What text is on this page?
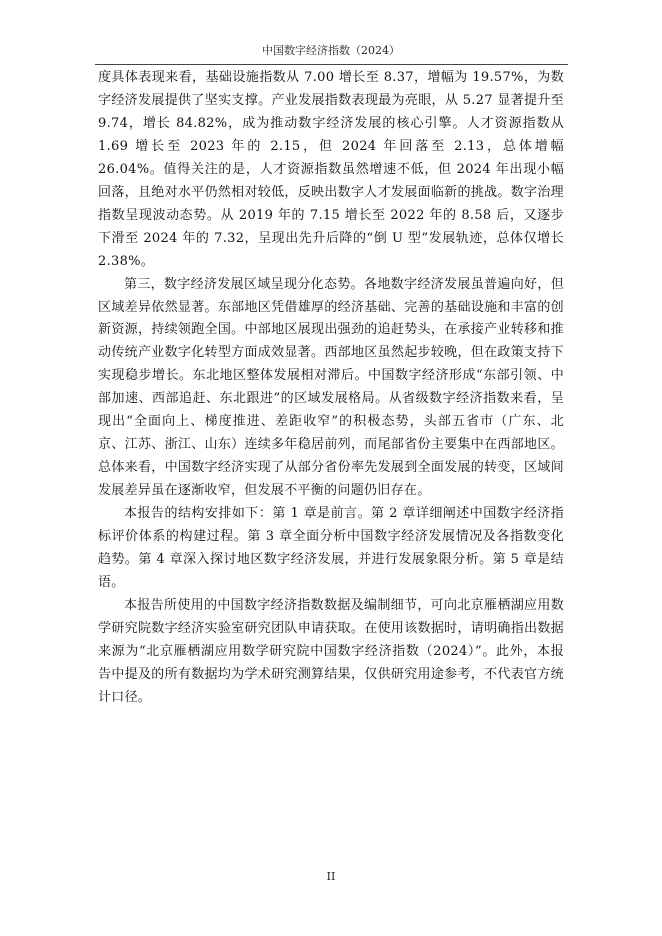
中国数字经济指数（2024）

度具体表现来看，基础设施指数从 7.00 增长至 8.37，增幅为 19.57%，为数字经济发展提供了坚实支撑。产业发展指数表现最为亮眼，从 5.27 显著提升至 9.74，增长 84.82%，成为推动数字经济发展的核心引擎。人才资源指数从 1.69 增长至 2023 年的 2.15，但 2024 年回落至 2.13，总体增幅 26.04%。值得关注的是，人才资源指数虽然增速不低，但 2024 年出现小幅回落，且绝对水平仍然相对较低，反映出数字人才发展面临新的挑战。数字治理指数呈现波动态势。从 2019 年的 7.15 增长至 2022 年的 8.58 后，又逐步下滑至 2024 年的 7.32，呈现出先升后降的“倒 U 型”发展轨迹，总体仅增长 2.38%。

第三，数字经济发展区域呈现分化态势。各地数字经济发展虽普遍向好，但区域差异依然显著。东部地区凭借雄厚的经济基础、完善的基础设施和丰富的创新资源，持续领跑全国。中部地区展现出强劲的追赶势头，在承接产业转移和推动传统产业数字化转型方面成效显著。西部地区虽然起步较晚，但在政策支持下实现稳步增长。东北地区整体发展相对滞后。中国数字经济形成“东部引领、中部加速、西部追赶、东北跟进”的区域发展格局。从省级数字经济指数来看，呈现出“全面向上、梯度推进、差距收窄”的积极态势，头部五省市（广东、北京、江苏、浙江、山东）连续多年稳居前列，而尾部省份主要集中在西部地区。总体来看，中国数字经济实现了从部分省份率先发展到全面发展的转变，区域间发展差异虽在逐渐收窄，但发展不平衡的问题仍旧存在。

本报告的结构安排如下：第 1 章是前言。第 2 章详细阐述中国数字经济指标评价体系的构建过程。第 3 章全面分析中国数字经济发展情况及各指数变化趋势。第 4 章深入探讨地区数字经济发展，并进行发展象限分析。第 5 章是结语。

本报告所使用的中国数字经济指数数据及编制细节，可向北京雁栖湖应用数学研究院数字经济实验室研究团队申请获取。在使用该数据时，请明确指出数据来源为“北京雁栖湖应用数学研究院中国数字经济指数（2024）”。此外，本报告中提及的所有数据均为学术研究测算结果，仅供研究用途参考，不代表官方统计口径。

II
